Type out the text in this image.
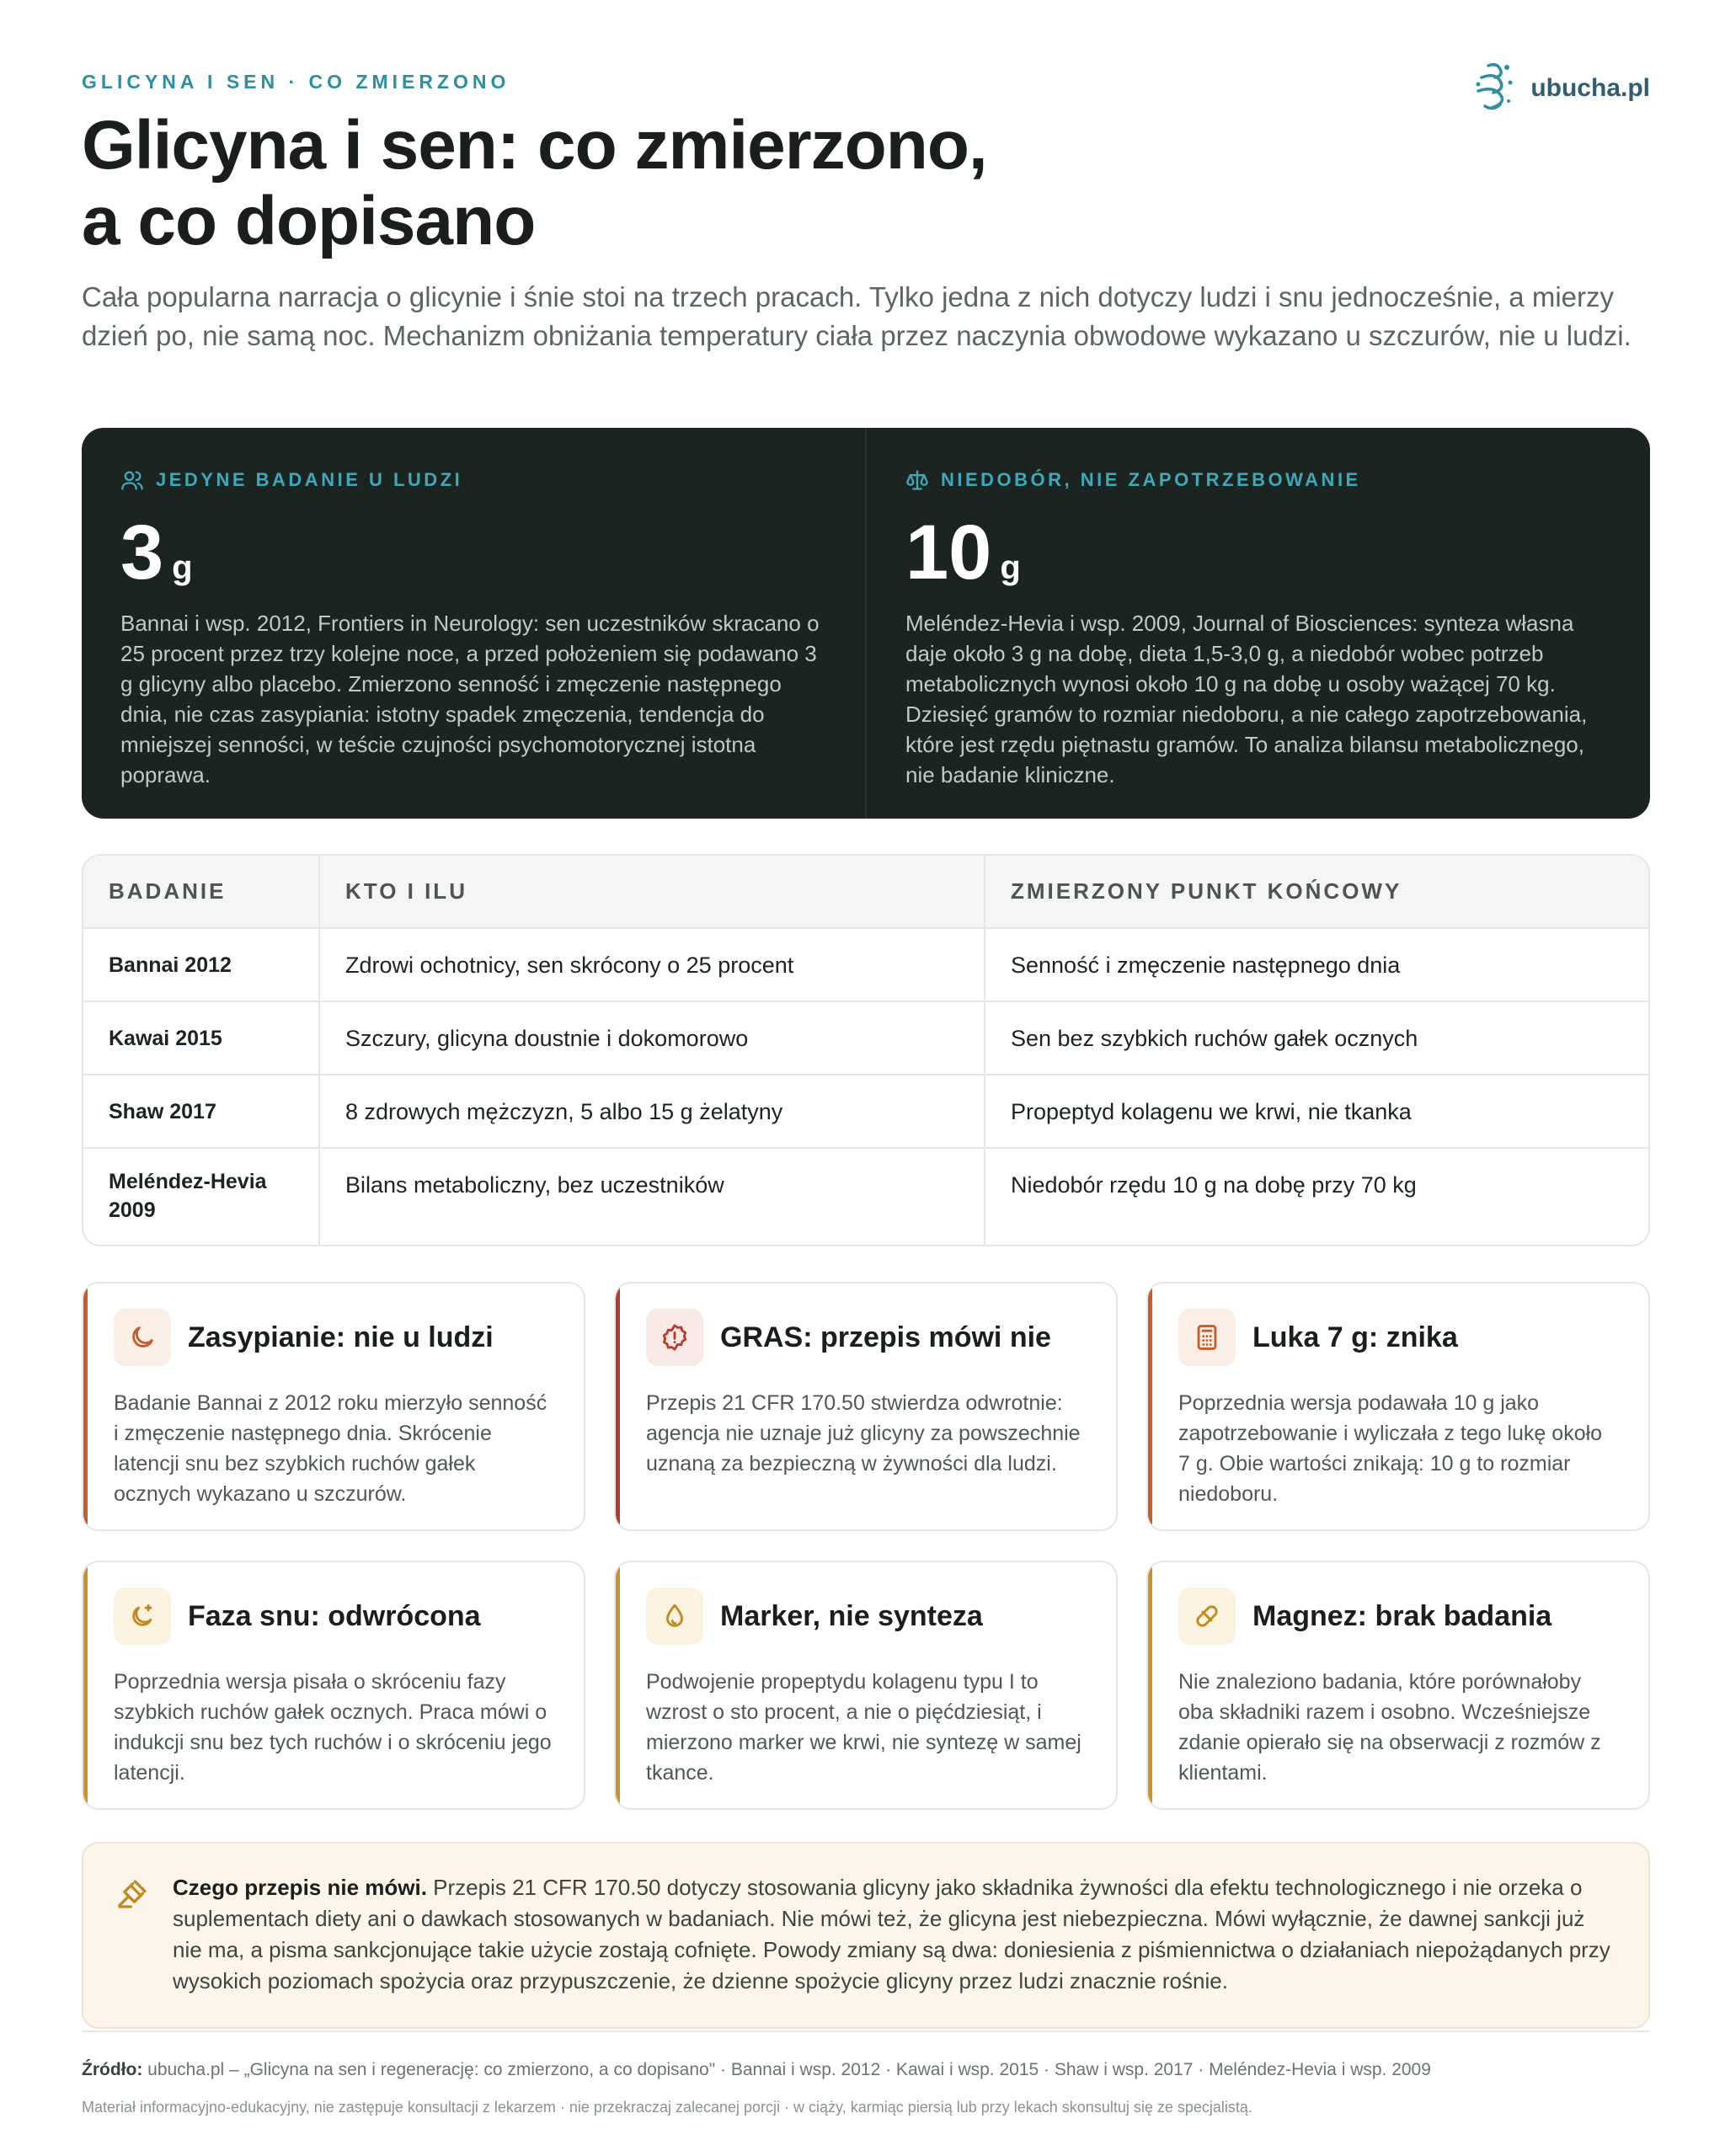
GLICYNA I SEN · CO ZMIERZONO	ubucha.pl
Glicyna i sen: co zmierzono,
a co dopisano

Cała popularna narracja o glicynie i śnie stoi na trzech pracach. Tylko jedna z nich dotyczy ludzi i snu jednocześnie, a mierzy dzień po, nie samą noc. Mechanizm obniżania temperatury ciała przez naczynia obwodowe wykazano u szczurów, nie u ludzi.

JEDYNE BADANIE U LUDZI
3 g

Bannai i wsp. 2012, Frontiers in Neurology: sen uczestników skracano o 25 procent przez trzy kolejne noce, a przed położeniem się podawano 3 g glicyny albo placebo. Zmierzono senność i zmęczenie następnego dnia, nie czas zasypiania: istotny spadek zmęczenia, tendencja do mniejszej senności, w teście czujności psychomotorycznej istotna poprawa.

NIEDOBÓR, NIE ZAPOTRZEBOWANIE
10 g

Meléndez-Hevia i wsp. 2009, Journal of Biosciences: synteza własna daje około 3 g na dobę, dieta 1,5-3,0 g, a niedobór wobec potrzeb metabolicznych wynosi około 10 g na dobę u osoby ważącej 70 kg. Dziesięć gramów to rozmiar niedoboru, a nie całego zapotrzebowania, które jest rzędu piętnastu gramów. To analiza bilansu metabolicznego, nie badanie kliniczne.

BADANIE	KTO I ILU	ZMIERZONY PUNKT KOŃCOWY
Bannai 2012	Zdrowi ochotnicy, sen skrócony o 25 procent	Senność i zmęczenie następnego dnia
Kawai 2015	Szczury, glicyna doustnie i dokomorowo	Sen bez szybkich ruchów gałek ocznych
Shaw 2017	8 zdrowych mężczyzn, 5 albo 15 g żelatyny	Propeptyd kolagenu we krwi, nie tkanka
Meléndez-Hevia 2009	Bilans metaboliczny, bez uczestników	Niedobór rzędu 10 g na dobę przy 70 kg
Zasypianie: nie u ludzi

Badanie Bannai z 2012 roku mierzyło senność i zmęczenie następnego dnia. Skrócenie latencji snu bez szybkich ruchów gałek ocznych wykazano u szczurów.

GRAS: przepis mówi nie

Przepis 21 CFR 170.50 stwierdza odwrotnie: agencja nie uznaje już glicyny za powszechnie uznaną za bezpieczną w żywności dla ludzi.

Luka 7 g: znika

Poprzednia wersja podawała 10 g jako zapotrzebowanie i wyliczała z tego lukę około 7 g. Obie wartości znikają: 10 g to rozmiar niedoboru.

Faza snu: odwrócona

Poprzednia wersja pisała o skróceniu fazy szybkich ruchów gałek ocznych. Praca mówi o indukcji snu bez tych ruchów i o skróceniu jego latencji.

Marker, nie synteza

Podwojenie propeptydu kolagenu typu I to wzrost o sto procent, a nie o pięćdziesiąt, i mierzono marker we krwi, nie syntezę w samej tkance.

Magnez: brak badania

Nie znaleziono badania, które porównałoby oba składniki razem i osobno. Wcześniejsze zdanie opierało się na obserwacji z rozmów z klientami.

Czego przepis nie mówi. Przepis 21 CFR 170.50 dotyczy stosowania glicyny jako składnika żywności dla efektu technologicznego i nie orzeka o suplementach diety ani o dawkach stosowanych w badaniach. Nie mówi też, że glicyna jest niebezpieczna. Mówi wyłącznie, że dawnej sankcji już nie ma, a pisma sankcjonujące takie użycie zostają cofnięte. Powody zmiany są dwa: doniesienia z piśmiennictwa o działaniach niepożądanych przy wysokich poziomach spożycia oraz przypuszczenie, że dzienne spożycie glicyny przez ludzi znacznie rośnie.

Źródło: ubucha.pl – „Glicyna na sen i regenerację: co zmierzono, a co dopisano" · Bannai i wsp. 2012 · Kawai i wsp. 2015 · Shaw i wsp. 2017 · Meléndez-Hevia i wsp. 2009

Materiał informacyjno-edukacyjny, nie zastępuje konsultacji z lekarzem · nie przekraczaj zalecanej porcji · w ciąży, karmiąc piersią lub przy lekach skonsultuj się ze specjalistą.
